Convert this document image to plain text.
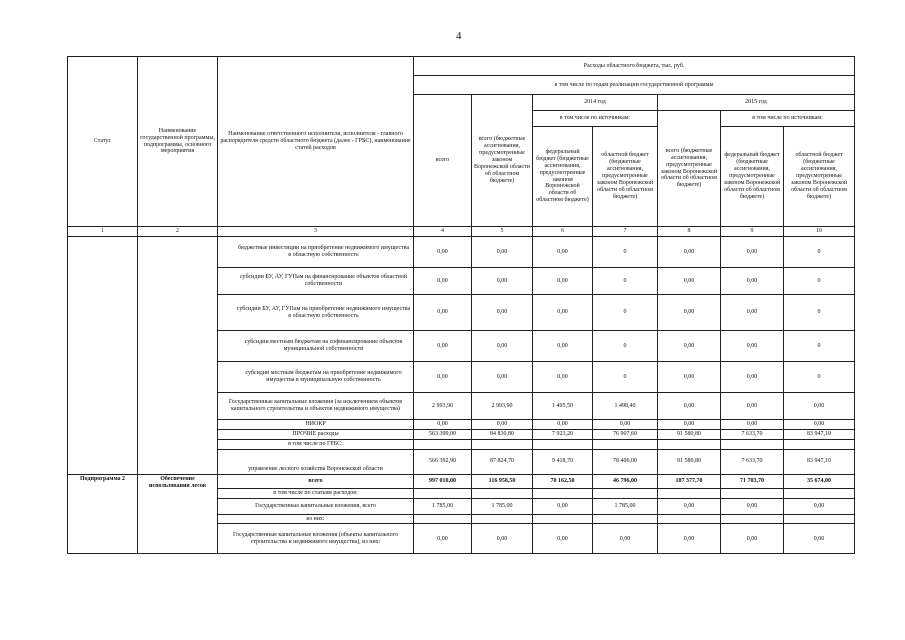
4
Статус	Наименование государственной программы, подпрограммы, основного мероприятия	Наименование ответственного исполнителя, исполнителя - главного распорядителя средств областного бюджета (далее - ГРБС), наименование статей расходов	Расходы областного бюджета, тыс. руб.						
			в том числе по годам реализации государственной программы						
			всего	всего (бюджетные ассигнования, предусмотренные законом Воронежской области об областном бюджете)	2014 год		2015 год		
					в том числе по источникам:		всего (бюджетные ассигнования, предусмотренные законом Воронежской области об областном бюджете)	в том числе по источникам:	
					федеральный бюджет (бюджетные ассигнования, предусмотренные законом Воронежской области об областном бюджете)	областной бюджет (бюджетные ассигнования, предусмотренные законом Воронежской области об областном бюджете)		федеральный бюджет (бюджетные ассигнования, предусмотренные законом Воронежской области об областном бюджете)	областной бюджет (бюджетные ассигнования, предусмотренные законом Воронежской области об областном бюджете)
1	2	3	4	5	6	7	8	9	10
		бюджетные инвестиции на приобретение недвижимого имущества в областную собственность	0,00	0,00	0,00	0	0,00	0,00	0
		субсидии БУ, АУ, ГУПам на финансирование объектов областной собственности	0,00	0,00	0,00	0	0,00	0,00	0
		субсидии БУ, АУ, ГУПам на приобретение недвижимого имущества в областную собственность	0,00	0,00	0,00	0	0,00	0,00	0
		субсидии местным бюджетам на софинансирование объектов муниципальной собственности	0,00	0,00	0,00	0	0,00	0,00	0
		субсидии местным бюджетам на приобретение недвижимого имущества в муниципальную собственность	0,00	0,00	0,00	0	0,00	0,00	0
		Государственные капитальные вложения (за исключением объектов капитального строительства и объектов недвижимого имущества)	2 993,90	2 993,90	1 495,50	1 498,40	0,00	0,00	0,00
		НИОКР	0,00	0,00	0,00	0,00	0,00	0,00	0,00
		ПРОЧИЕ расходы	563 399,00	84 830,80	7 923,20	76 907,60	91 580,80	7 633,70	83 947,10
		в том числе по ГРБС:							
		управление лесного хозяйства Воронежской области	566 392,90	87 824,70	9 418,70	78 406,00	91 580,80	7 633,70	83 947,10
Подпрограмма 2	Обеспечение использования лесов	всего	997 010,00	116 958,50	70 162,50	46 796,00	107 377,70	71 703,70	35 674,00
		в том числе по статьям расходов:							
		Государственные капитальные вложения, всего	1 785,00	1 785,00	0,00	1 785,00	0,00	0,00	0,00
		из них:							
		Государственные капитальные вложения (объекты капитального строительства и недвижимого имущества), из них:	0,00	0,00	0,00	0,00	0,00	0,00	0,00
